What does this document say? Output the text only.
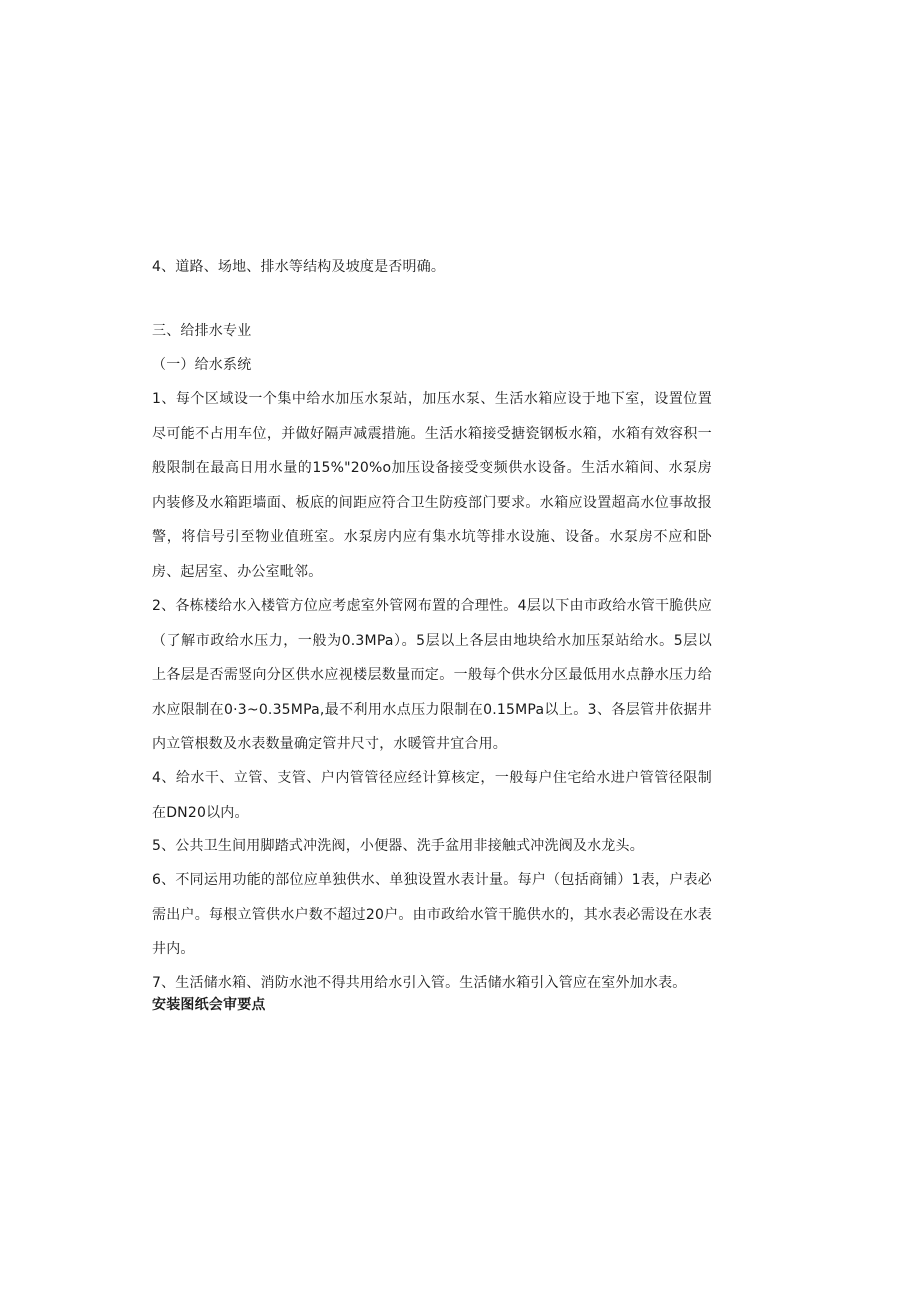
4、道路、场地、排水等结构及坡度是否明确。
三、给排水专业
（一）给水系统
1、每个区域设一个集中给水加压水泵站，加压水泵、生活水箱应设于地下室，设置位置尽可能不占用车位，并做好隔声减震措施。生活水箱接受搪瓷钢板水箱，水箱有效容积一般限制在最高日用水量的15%"20%o加压设备接受变频供水设备。生活水箱间、水泵房内装修及水箱距墙面、板底的间距应符合卫生防疫部门要求。水箱应设置超高水位事故报警，将信号引至物业值班室。水泵房内应有集水坑等排水设施、设备。水泵房不应和卧房、起居室、办公室毗邻。
2、各栋楼给水入楼管方位应考虑室外管网布置的合理性。4层以下由市政给水管干脆供应（了解市政给水压力，一般为0.3MPa）。5层以上各层由地块给水加压泵站给水。5层以上各层是否需竖向分区供水应视楼层数量而定。一般每个供水分区最低用水点静水压力给水应限制在0·3~0.35MPa,最不利用水点压力限制在0.15MPa以上。3、各层管井依据井内立管根数及水表数量确定管井尺寸，水暖管井宜合用。
4、给水干、立管、支管、户内管管径应经计算核定，一般每户住宅给水进户管管径限制在DN20以内。
5、公共卫生间用脚踏式冲洗阀，小便器、洗手盆用非接触式冲洗阀及水龙头。
6、不同运用功能的部位应单独供水、单独设置水表计量。每户（包括商铺）1表，户表必需出户。每根立管供水户数不超过20户。由市政给水管干脆供水的，其水表必需设在水表井内。
7、生活储水箱、消防水池不得共用给水引入管。生活储水箱引入管应在室外加水表。
安装图纸会审要点
